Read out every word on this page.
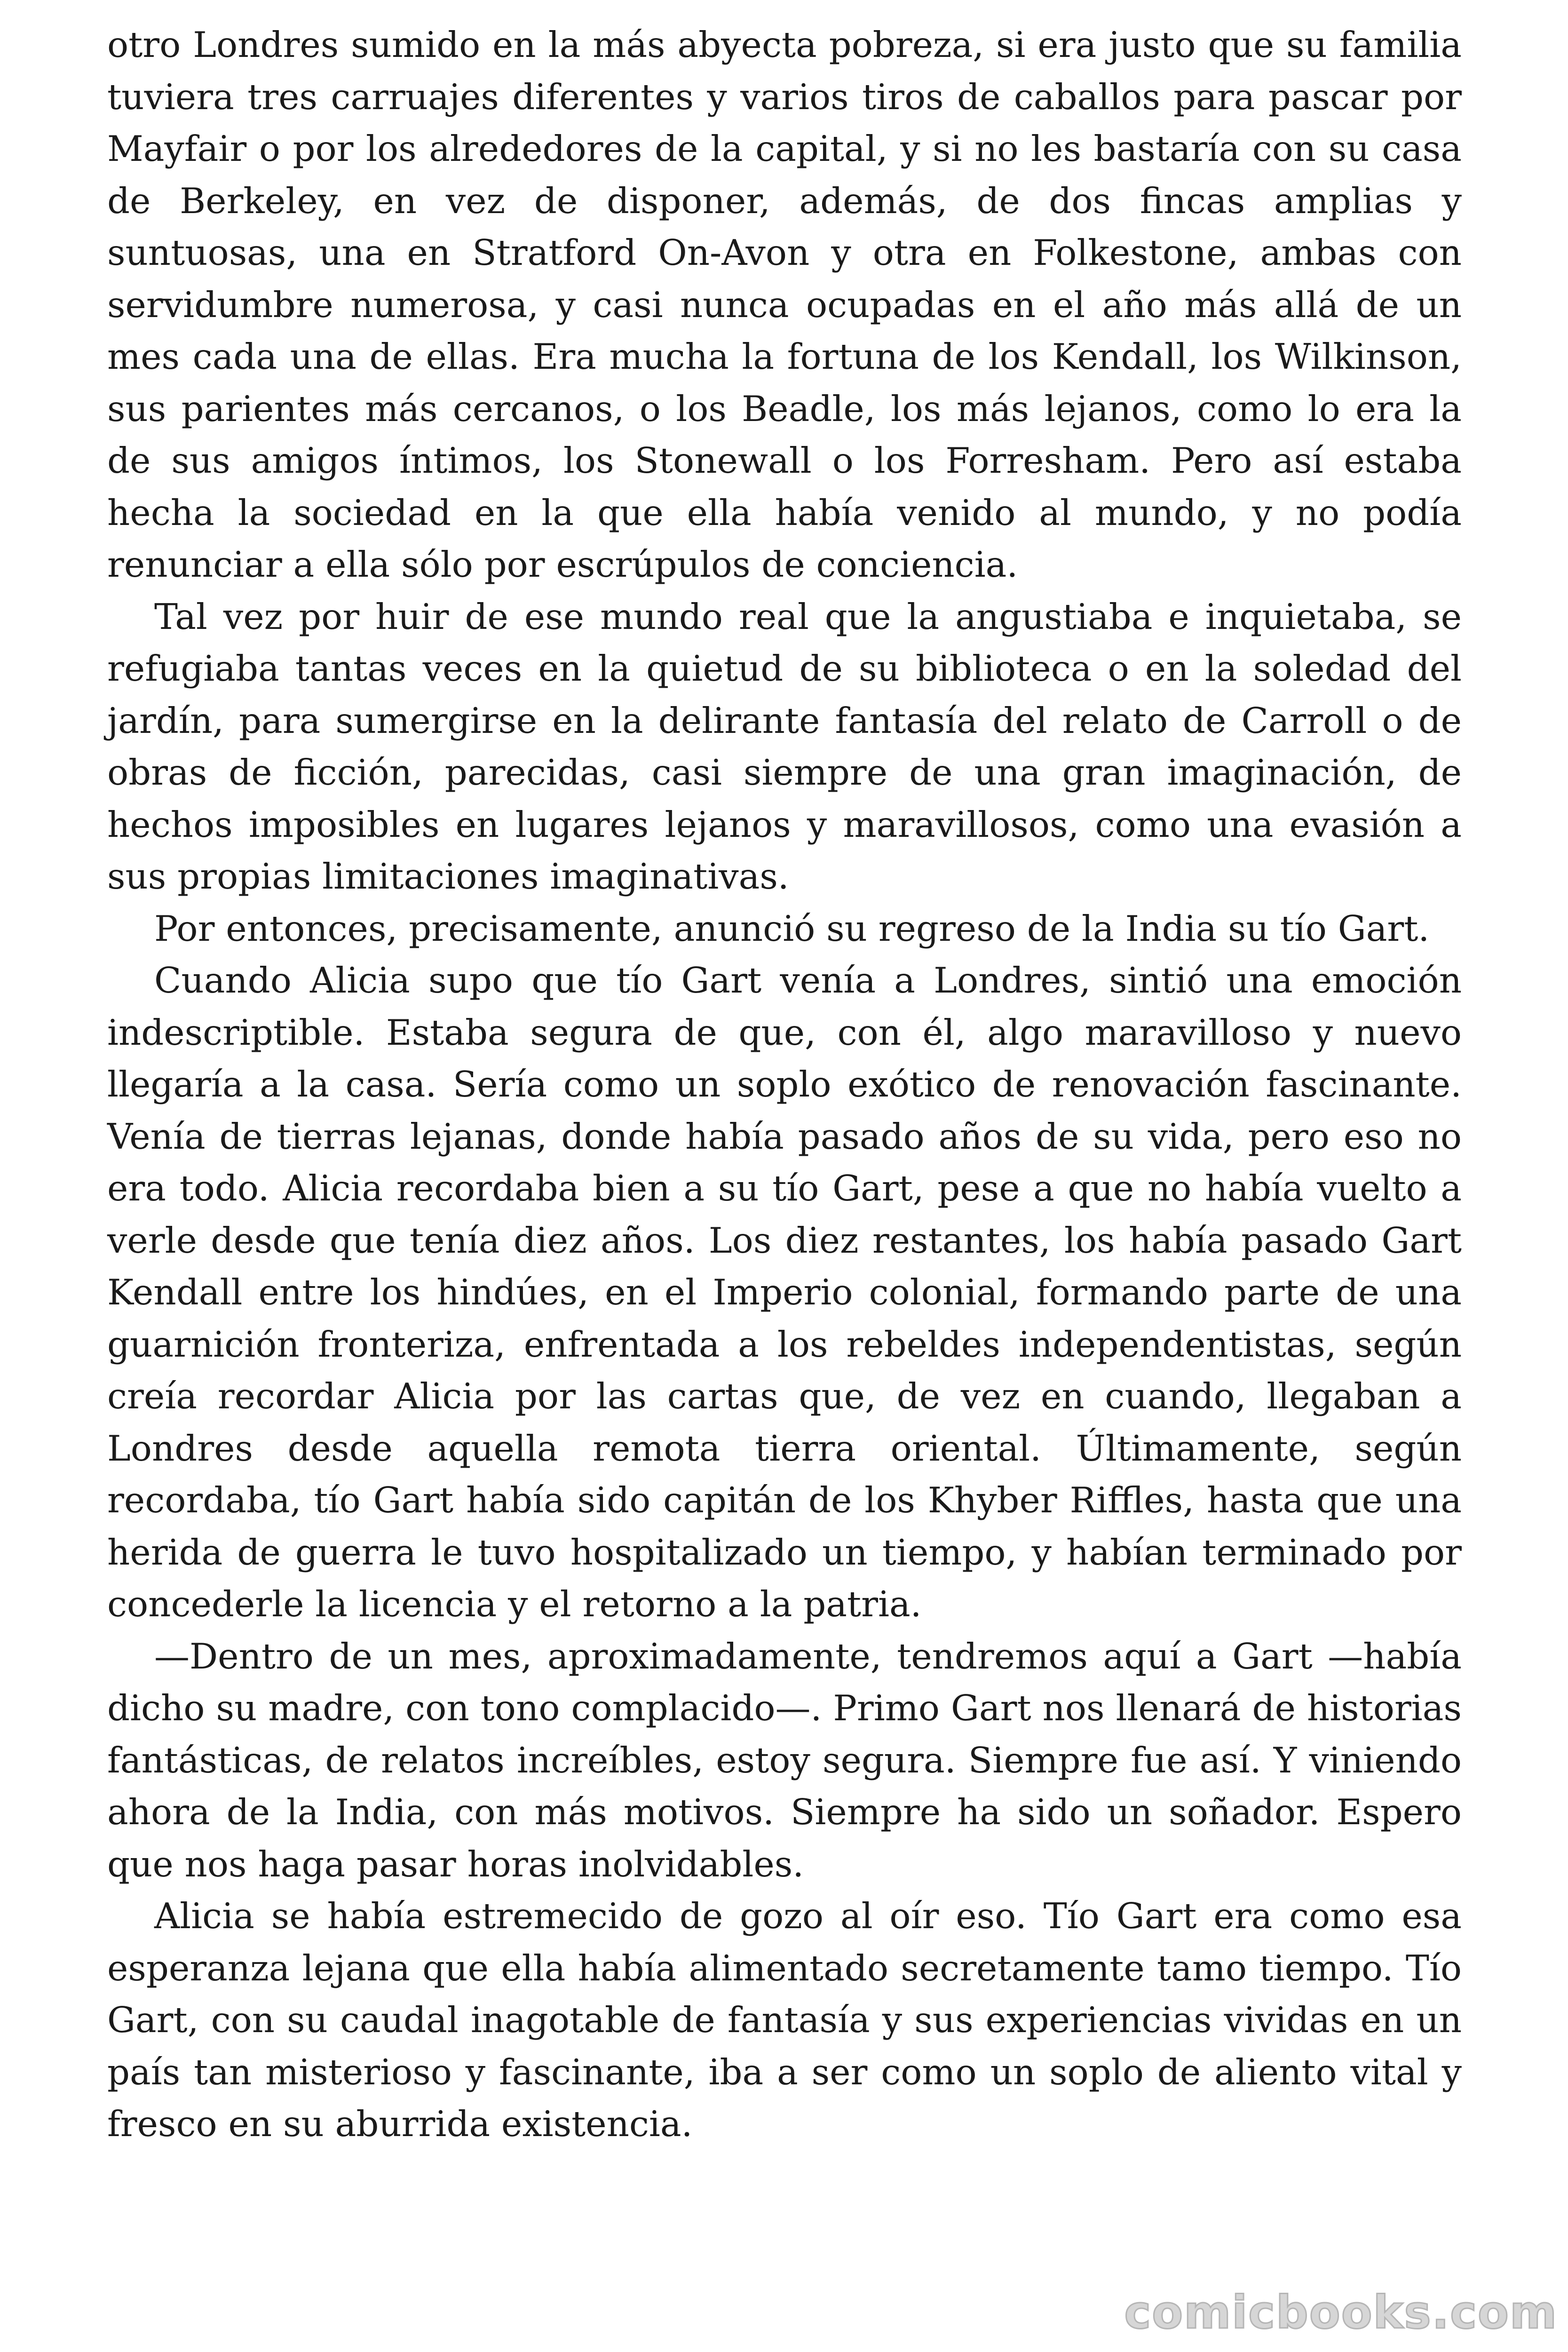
otro Londres sumido en la más abyecta pobreza, si era justo que su familia tuviera tres carruajes diferentes y varios tiros de caballos para pascar por Mayfair o por los alrededores de la capital, y si no les bastaría con su casa de Berkeley, en vez de disponer, además, de dos fincas amplias y suntuosas, una en Stratford On-Avon y otra en Folkestone, ambas con servidumbre numerosa, y casi nunca ocupadas en el año más allá de un mes cada una de ellas. Era mucha la fortuna de los Kendall, los Wilkinson, sus parientes más cercanos, o los Beadle, los más lejanos, como lo era la de sus amigos íntimos, los Stonewall o los Forresham. Pero así estaba hecha la sociedad en la que ella había venido al mundo, y no podía renunciar a ella sólo por escrúpulos de conciencia.

Tal vez por huir de ese mundo real que la angustiaba e inquietaba, se refugiaba tantas veces en la quietud de su biblioteca o en la soledad del jardín, para sumergirse en la delirante fantasía del relato de Carroll o de obras de ficción, parecidas, casi siempre de una gran imaginación, de hechos imposibles en lugares lejanos y maravillosos, como una evasión a sus propias limitaciones imaginativas.

Por entonces, precisamente, anunció su regreso de la India su tío Gart.

Cuando Alicia supo que tío Gart venía a Londres, sintió una emoción indescriptible. Estaba segura de que, con él, algo maravilloso y nuevo llegaría a la casa. Sería como un soplo exótico de renovación fascinante. Venía de tierras lejanas, donde había pasado años de su vida, pero eso no era todo. Alicia recordaba bien a su tío Gart, pese a que no había vuelto a verle desde que tenía diez años. Los diez restantes, los había pasado Gart Kendall entre los hindúes, en el Imperio colonial, formando parte de una guarnición fronteriza, enfrentada a los rebeldes independentistas, según creía recordar Alicia por las cartas que, de vez en cuando, llegaban a Londres desde aquella remota tierra oriental. Últimamente, según recordaba, tío Gart había sido capitán de los Khyber Riffles, hasta que una herida de guerra le tuvo hospitalizado un tiempo, y habían terminado por concederle la licencia y el retorno a la patria.

—Dentro de un mes, aproximadamente, tendremos aquí a Gart —había dicho su madre, con tono complacido—. Primo Gart nos llenará de historias fantásticas, de relatos increíbles, estoy segura. Siempre fue así. Y viniendo ahora de la India, con más motivos. Siempre ha sido un soñador. Espero que nos haga pasar horas inolvidables.

Alicia se había estremecido de gozo al oír eso. Tío Gart era como esa esperanza lejana que ella había alimentado secretamente tamo tiempo. Tío Gart, con su caudal inagotable de fantasía y sus experiencias vividas en un país tan misterioso y fascinante, iba a ser como un soplo de aliento vital y fresco en su aburrida existencia.

comicbooks.com
